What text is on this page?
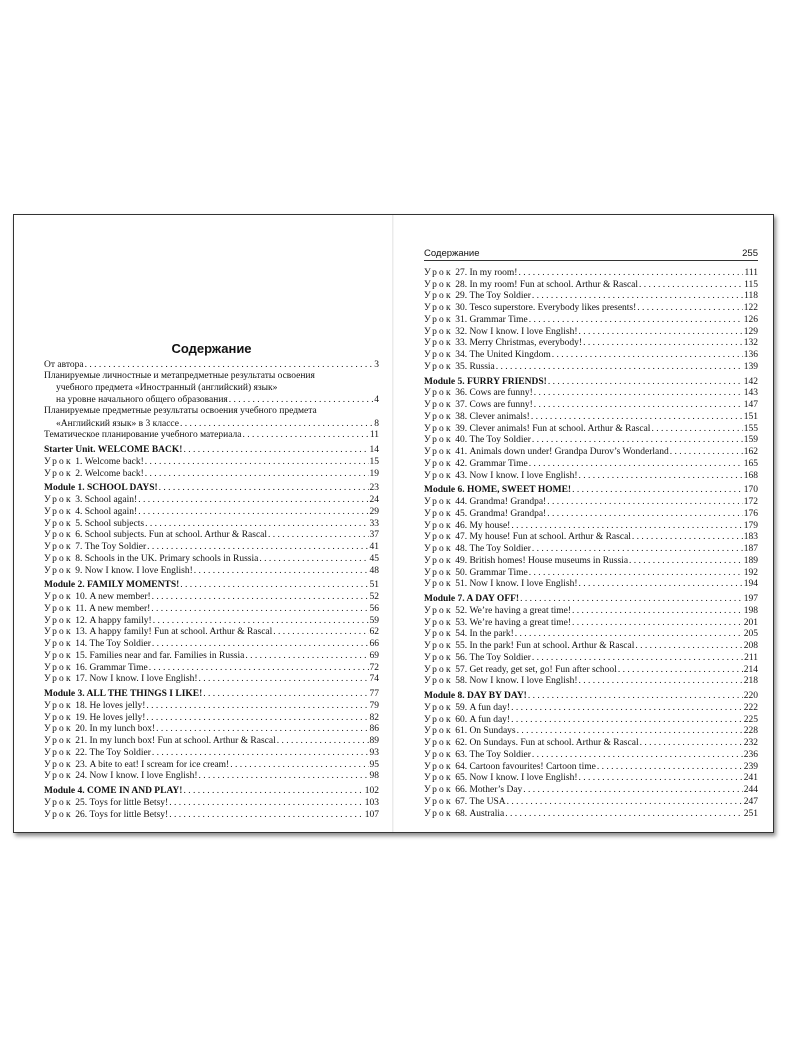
Содержание
От автора . . .	3
Планируемые личностные и метапредметные результаты освоения
учебного предмета «Иностранный (английский) язык»
на уровне начального общего образования . . .	4
Планируемые предметные результаты освоения учебного предмета
«Английский язык» в 3 классе . . .	8
Тематическое планирование учебного материала . . .	11
Starter Unit. WELCOME BACK! . . .	14
Урок 1. Welcome back! . . .	15
Урок 2. Welcome back! . . .	19
Module 1. SCHOOL DAYS! . . .	23
Урок 3. School again! . . .	24
Урок 4. School again! . . .	29
Урок 5. School subjects . . .	33
Урок 6. School subjects. Fun at school. Arthur & Rascal . . .	37
Урок 7. The Toy Soldier . . .	41
Урок 8. Schools in the UK. Primary schools in Russia . . .	45
Урок 9. Now I know. I love English! . . .	48
Module 2. FAMILY MOMENTS! . . .	51
Урок 10. A new member! . . .	52
Урок 11. A new member! . . .	56
Урок 12. A happy family! . . .	59
Урок 13. A happy family! Fun at school. Arthur & Rascal . . .	62
Урок 14. The Toy Soldier . . .	66
Урок 15. Families near and far. Families in Russia . . .	69
Урок 16. Grammar Time . . .	72
Урок 17. Now I know. I love English! . . .	74
Module 3. ALL THE THINGS I LIKE! . . .	77
Урок 18. He loves jelly! . . .	79
Урок 19. He loves jelly! . . .	82
Урок 20. In my lunch box! . . .	86
Урок 21. In my lunch box! Fun at school. Arthur & Rascal . . .	89
Урок 22. The Toy Soldier . . .	93
Урок 23. A bite to eat! I scream for ice cream! . . .	95
Урок 24. Now I know. I love English! . . .	98
Module 4. COME IN AND PLAY! . . .	102
Урок 25. Toys for little Betsy! . . .	103
Урок 26. Toys for little Betsy! . . .	107
Содержание	255
Урок 27. In my room! . . .	111
Урок 28. In my room! Fun at school. Arthur & Rascal . . .	115
Урок 29. The Toy Soldier . . .	118
Урок 30. Tesco superstore. Everybody likes presents! . . .	122
Урок 31. Grammar Time . . .	126
Урок 32. Now I know. I love English! . . .	129
Урок 33. Merry Christmas, everybody! . . .	132
Урок 34. The United Kingdom . . .	136
Урок 35. Russia . . .	139
Module 5. FURRY FRIENDS! . . .	142
Урок 36. Cows are funny! . . .	143
Урок 37. Cows are funny! . . .	147
Урок 38. Clever animals! . . .	151
Урок 39. Clever animals! Fun at school. Arthur & Rascal . . .	155
Урок 40. The Toy Soldier . . .	159
Урок 41. Animals down under! Grandpa Durov’s Wonderland . . .	162
Урок 42. Grammar Time . . .	165
Урок 43. Now I know. I love English! . . .	168
Module 6. HOME, SWEET HOME! . . .	170
Урок 44. Grandma! Grandpa! . . .	172
Урок 45. Grandma! Grandpa! . . .	176
Урок 46. My house! . . .	179
Урок 47. My house! Fun at school. Arthur & Rascal . . .	183
Урок 48. The Toy Soldier . . .	187
Урок 49. British homes! House museums in Russia . . .	189
Урок 50. Grammar Time . . .	192
Урок 51. Now I know. I love English! . . .	194
Module 7. A DAY OFF! . . .	197
Урок 52. We’re having a great time! . . .	198
Урок 53. We’re having a great time! . . .	201
Урок 54. In the park! . . .	205
Урок 55. In the park! Fun at school. Arthur & Rascal . . .	208
Урок 56. The Toy Soldier . . .	211
Урок 57. Get ready, get set, go! Fun after school . . .	214
Урок 58. Now I know. I love English! . . .	218
Module 8. DAY BY DAY! . . .	220
Урок 59. A fun day! . . .	222
Урок 60. A fun day! . . .	225
Урок 61. On Sundays . . .	228
Урок 62. On Sundays. Fun at school. Arthur & Rascal . . .	232
Урок 63. The Toy Soldier . . .	236
Урок 64. Cartoon favourites! Cartoon time . . .	239
Урок 65. Now I know. I love English! . . .	241
Урок 66. Mother’s Day . . .	244
Урок 67. The USA . . .	247
Урок 68. Australia . . .	251
